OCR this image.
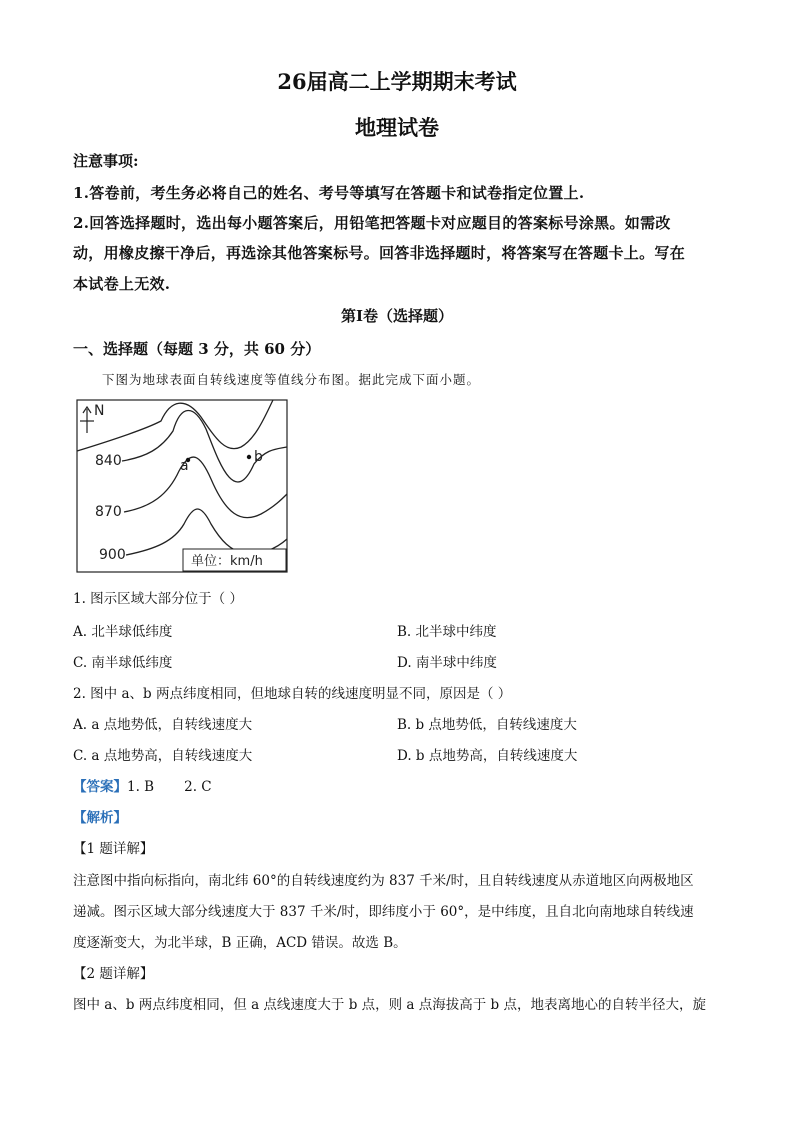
26届高二上学期期末考试
地理试卷
注意事项:
1.答卷前，考生务必将自己的姓名、考号等填写在答题卡和试卷指定位置上.
2.回答选择题时，选出每小题答案后，用铅笔把答题卡对应题目的答案标号涂黑。如需改
动，用橡皮擦干净后，再选涂其他答案标号。回答非选择题时，将答案写在答题卡上。写在
本试卷上无效.
第Ⅰ卷（选择题）
一、选择题（每题 3 分，共 60 分）
下图为地球表面自转线速度等值线分布图。据此完成下面小题。
N
840
870
900
a
b
单位：km/h
1. 图示区域大部分位于（ ）
A. 北半球低纬度	B. 北半球中纬度
C. 南半球低纬度	D. 南半球中纬度
2. 图中 a、b 两点纬度相同，但地球自转的线速度明显不同，原因是（ ）
A. a 点地势低，自转线速度大	B. b 点地势低，自转线速度大
C. a 点地势高，自转线速度大	D. b 点地势高，自转线速度大
【答案】1. B       2. C
【解析】
【1 题详解】
注意图中指向标指向，南北纬 60°的自转线速度约为 837 千米/时，且自转线速度从赤道地区向两极地区
递减。图示区域大部分线速度大于 837 千米/时，即纬度小于 60°，是中纬度，且自北向南地球自转线速
度逐渐变大，为北半球，B 正确，ACD 错误。故选 B。
【2 题详解】
图中 a、b 两点纬度相同，但 a 点线速度大于 b 点，则 a 点海拔高于 b 点，地表离地心的自转半径大，旋
